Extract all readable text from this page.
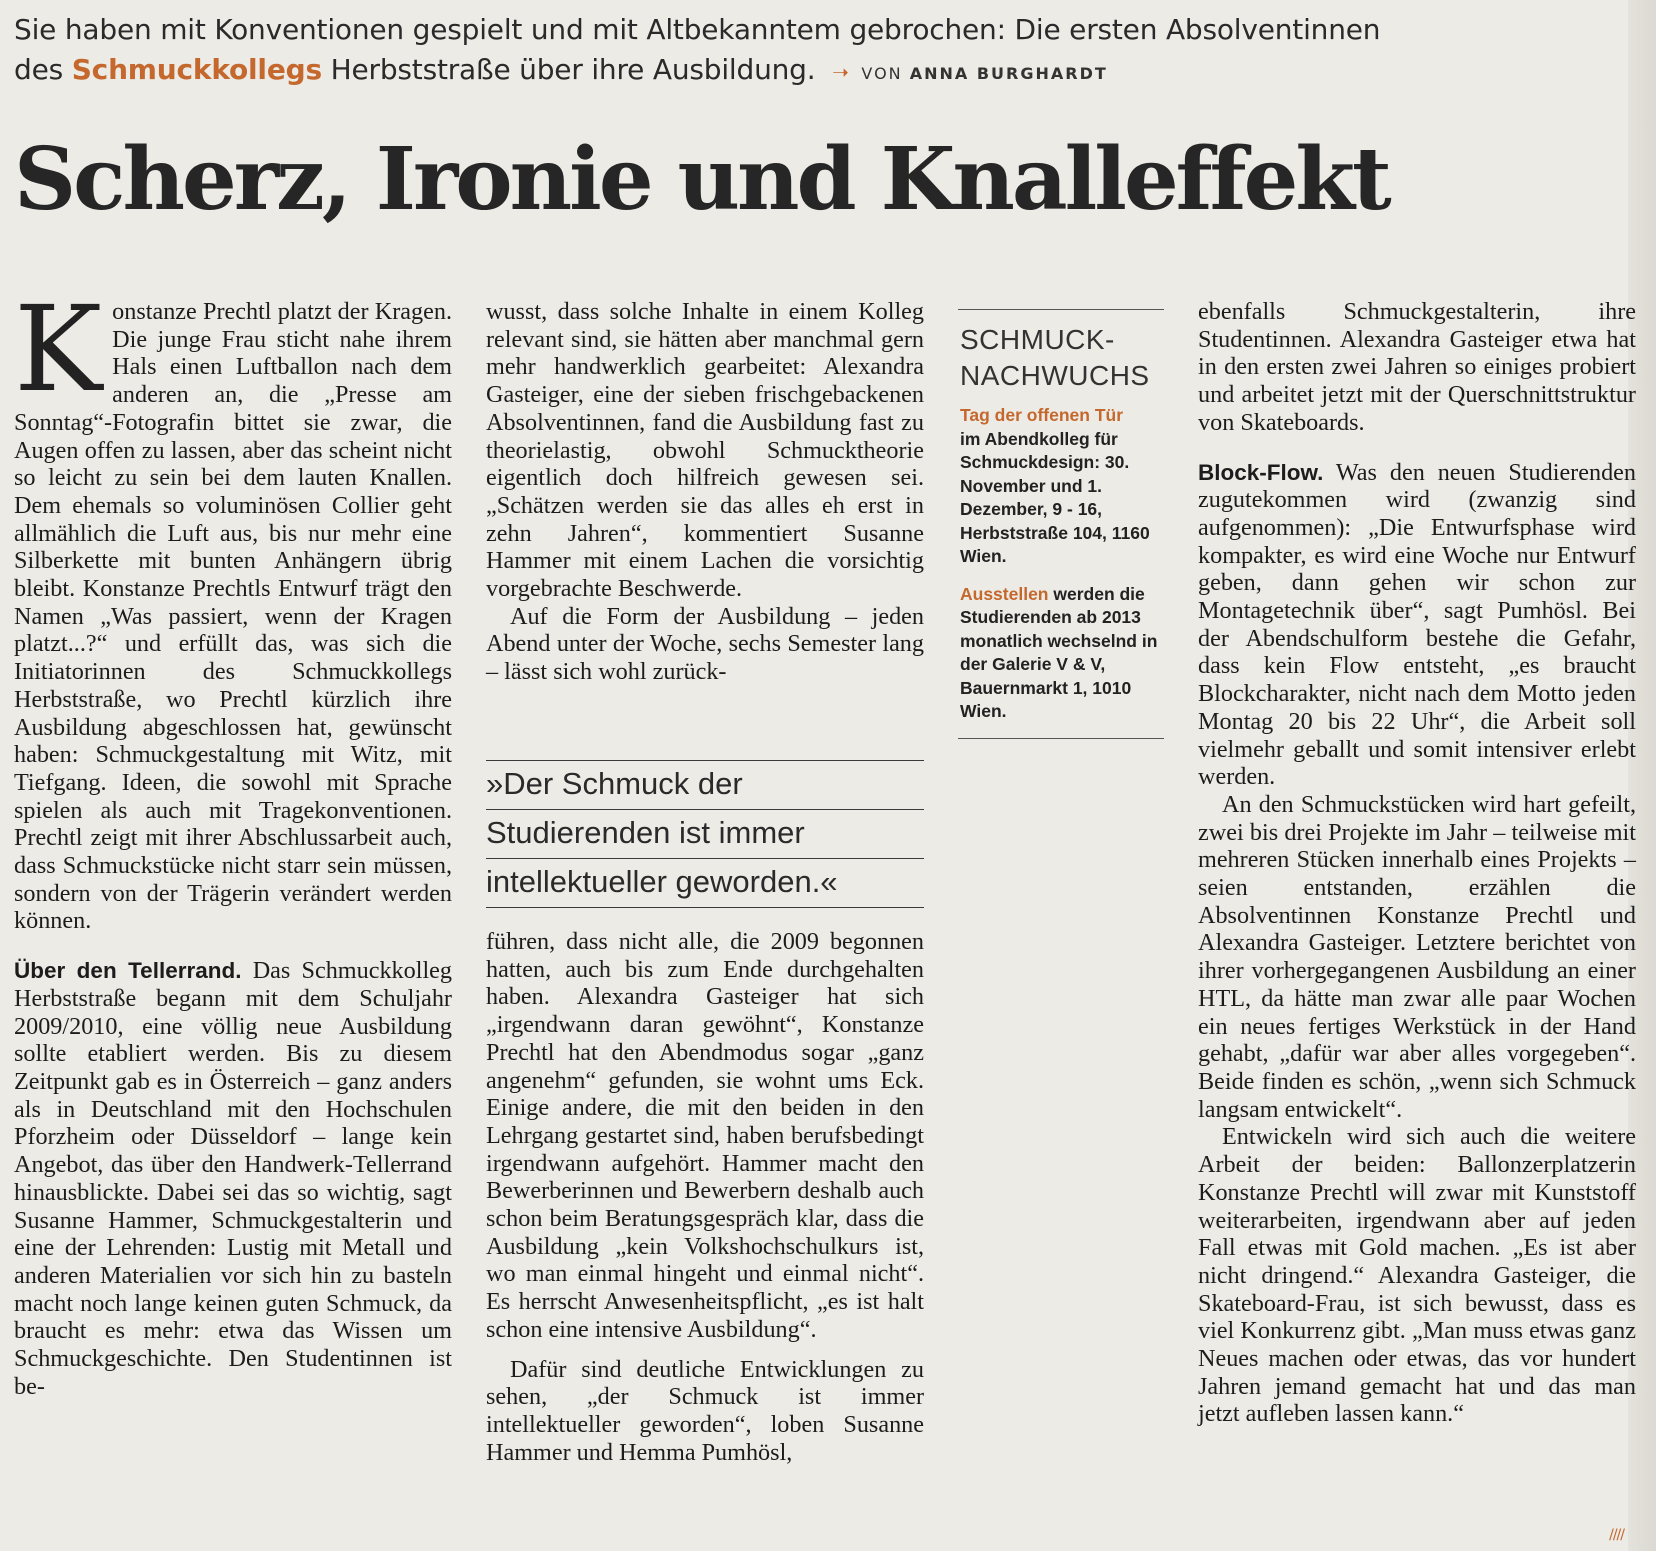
Sie haben mit Konventionen gespielt und mit Altbekanntem gebrochen: Die ersten Absolventinnen
des Schmuckkollegs Herbststraße über ihre Ausbildung. ➝ VON ANNA BURGHARDT
Scherz, Ironie und Knalleffekt

Konstanze Prechtl platzt der Kragen. Die junge Frau sticht nahe ihrem Hals einen Luftballon nach dem anderen an, die „Presse am Sonntag“-Fotografin bittet sie zwar, die Augen offen zu lassen, aber das scheint nicht so leicht zu sein bei dem lauten Knallen. Dem ehemals so voluminösen Collier geht allmählich die Luft aus, bis nur mehr eine Silberkette mit bunten Anhängern übrig bleibt. Konstanze Prechtls Entwurf trägt den Namen „Was passiert, wenn der Kragen platzt...?“ und erfüllt das, was sich die Initiatorinnen des Schmuckkollegs Herbststraße, wo Prechtl kürzlich ihre Ausbildung abgeschlossen hat, gewünscht haben: Schmuckgestaltung mit Witz, mit Tiefgang. Ideen, die sowohl mit Sprache spielen als auch mit Tragekonventionen. Prechtl zeigt mit ihrer Abschlussarbeit auch, dass Schmuckstücke nicht starr sein müssen, sondern von der Trägerin verändert werden können.

Über den Tellerrand. Das Schmuckkolleg Herbststraße begann mit dem Schuljahr 2009/2010, eine völlig neue Ausbildung sollte etabliert werden. Bis zu diesem Zeitpunkt gab es in Österreich – ganz anders als in Deutschland mit den Hochschulen Pforzheim oder Düsseldorf – lange kein Angebot, das über den Handwerk-Tellerrand hinausblickte. Dabei sei das so wichtig, sagt Susanne Hammer, Schmuckgestalterin und eine der Lehrenden: Lustig mit Metall und anderen Materialien vor sich hin zu basteln macht noch lange keinen guten Schmuck, da braucht es mehr: etwa das Wissen um Schmuckgeschichte. Den Studentinnen ist be-

wusst, dass solche Inhalte in einem Kolleg relevant sind, sie hätten aber manchmal gern mehr handwerklich gearbeitet: Alexandra Gasteiger, eine der sieben frischgebackenen Absolventinnen, fand die Ausbildung fast zu theorielastig, obwohl Schmucktheorie eigentlich doch hilfreich gewesen sei. „Schätzen werden sie das alles eh erst in zehn Jahren“, kommentiert Susanne Hammer mit einem Lachen die vorsichtig vorgebrachte Beschwerde.

Auf die Form der Ausbildung – jeden Abend unter der Woche, sechs Semester lang – lässt sich wohl zurück-

»Der Schmuck der
Studierenden ist immer
intellektueller geworden.«

führen, dass nicht alle, die 2009 begonnen hatten, auch bis zum Ende durchgehalten haben. Alexandra Gasteiger hat sich „irgendwann daran gewöhnt“, Konstanze Prechtl hat den Abendmodus sogar „ganz angenehm“ gefunden, sie wohnt ums Eck. Einige andere, die mit den beiden in den Lehrgang gestartet sind, haben berufsbedingt irgendwann aufgehört. Hammer macht den Bewerberinnen und Bewerbern deshalb auch schon beim Beratungsgespräch klar, dass die Ausbildung „kein Volkshochschulkurs ist, wo man einmal hingeht und einmal nicht“. Es herrscht Anwesenheitspflicht, „es ist halt schon eine intensive Ausbildung“.

Dafür sind deutliche Entwicklungen zu sehen, „der Schmuck ist immer intellektueller geworden“, loben Susanne Hammer und Hemma Pumhösl,

SCHMUCK-
NACHWUCHS
Tag der offenen Tür
im Abendkolleg für Schmuckdesign: 30. November und 1. Dezember, 9 - 16, Herbststraße 104, 1160 Wien.
Ausstellen werden die Studierenden ab 2013 monatlich wechselnd in der Galerie V & V, Bauernmarkt 1, 1010 Wien.

ebenfalls Schmuckgestalterin, ihre Studentinnen. Alexandra Gasteiger etwa hat in den ersten zwei Jahren so einiges probiert und arbeitet jetzt mit der Querschnittstruktur von Skateboards.

Block-Flow. Was den neuen Studierenden zugutekommen wird (zwanzig sind aufgenommen): „Die Entwurfsphase wird kompakter, es wird eine Woche nur Entwurf geben, dann gehen wir schon zur Montagetechnik über“, sagt Pumhösl. Bei der Abendschulform bestehe die Gefahr, dass kein Flow entsteht, „es braucht Blockcharakter, nicht nach dem Motto jeden Montag 20 bis 22 Uhr“, die Arbeit soll vielmehr geballt und somit intensiver erlebt werden.

An den Schmuckstücken wird hart gefeilt, zwei bis drei Projekte im Jahr – teilweise mit mehreren Stücken innerhalb eines Projekts – seien entstanden, erzählen die Absolventinnen Konstanze Prechtl und Alexandra Gasteiger. Letztere berichtet von ihrer vorhergegangenen Ausbildung an einer HTL, da hätte man zwar alle paar Wochen ein neues fertiges Werkstück in der Hand gehabt, „dafür war aber alles vorgegeben“. Beide finden es schön, „wenn sich Schmuck langsam entwickelt“.

Entwickeln wird sich auch die weitere Arbeit der beiden: Ballonzerplatzerin Konstanze Prechtl will zwar mit Kunststoff weiterarbeiten, irgendwann aber auf jeden Fall etwas mit Gold machen. „Es ist aber nicht dringend.“ Alexandra Gasteiger, die Skateboard-Frau, ist sich bewusst, dass es viel Konkurrenz gibt. „Man muss etwas ganz Neues machen oder etwas, das vor hundert Jahren jemand gemacht hat und das man jetzt aufleben lassen kann.“

////
